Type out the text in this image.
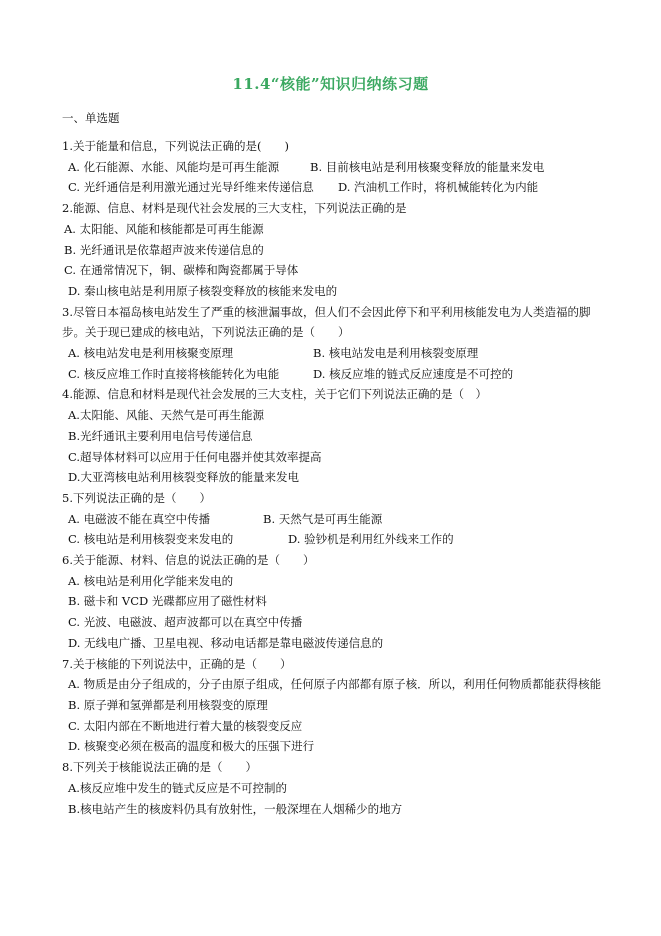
11.4“核能”知识归纳练习题
一、单选题

1.关于能量和信息，下列说法正确的是(　　)

A. 化石能源、水能、风能均是可再生能源	B. 目前核电站是利用核聚变释放的能量来发电
C. 光纤通信是利用激光通过光导纤维来传递信息	D. 汽油机工作时，将机械能转化为内能

2.能源、信息、材料是现代社会发展的三大支柱，下列说法正确的是

A. 太阳能、风能和核能都是可再生能源
B. 光纤通讯是依靠超声波来传递信息的
C. 在通常情况下，铜、碳棒和陶瓷都属于导体
D. 秦山核电站是利用原子核裂变释放的核能来发电的

3.尽管日本福岛核电站发生了严重的核泄漏事故，但人们不会因此停下和平利用核能发电为人类造福的脚步。关于现已建成的核电站，下列说法正确的是（　　）

A. 核电站发电是利用核聚变原理	B. 核电站发电是利用核裂变原理
C. 核反应堆工作时直接将核能转化为电能	D. 核反应堆的链式反应速度是不可控的

4.能源、信息和材料是现代社会发展的三大支柱，关于它们下列说法正确的是（　）

A.太阳能、风能、天然气是可再生能源
B.光纤通讯主要利用电信号传递信息
C.超导体材料可以应用于任何电器并使其效率提高
D.大亚湾核电站利用核裂变释放的能量来发电

5.下列说法正确的是（　　）

A. 电磁波不能在真空中传播	B. 天然气是可再生能源
C. 核电站是利用核裂变来发电的	D. 验钞机是利用红外线来工作的

6.关于能源、材料、信息的说法正确的是（　　）

A. 核电站是利用化学能来发电的
B. 磁卡和 VCD 光碟都应用了磁性材料
C. 光波、电磁波、超声波都可以在真空中传播
D. 无线电广播、卫星电视、移动电话都是靠电磁波传递信息的

7.关于核能的下列说法中，正确的是（　　）

A. 物质是由分子组成的，分子由原子组成，任何原子内部都有原子核．所以，利用任何物质都能获得核能
B. 原子弹和氢弹都是利用核裂变的原理
C. 太阳内部在不断地进行着大量的核裂变反应
D. 核聚变必须在极高的温度和极大的压强下进行

8.下列关于核能说法正确的是（　　）

A.核反应堆中发生的链式反应是不可控制的
B.核电站产生的核废料仍具有放射性，一般深埋在人烟稀少的地方
